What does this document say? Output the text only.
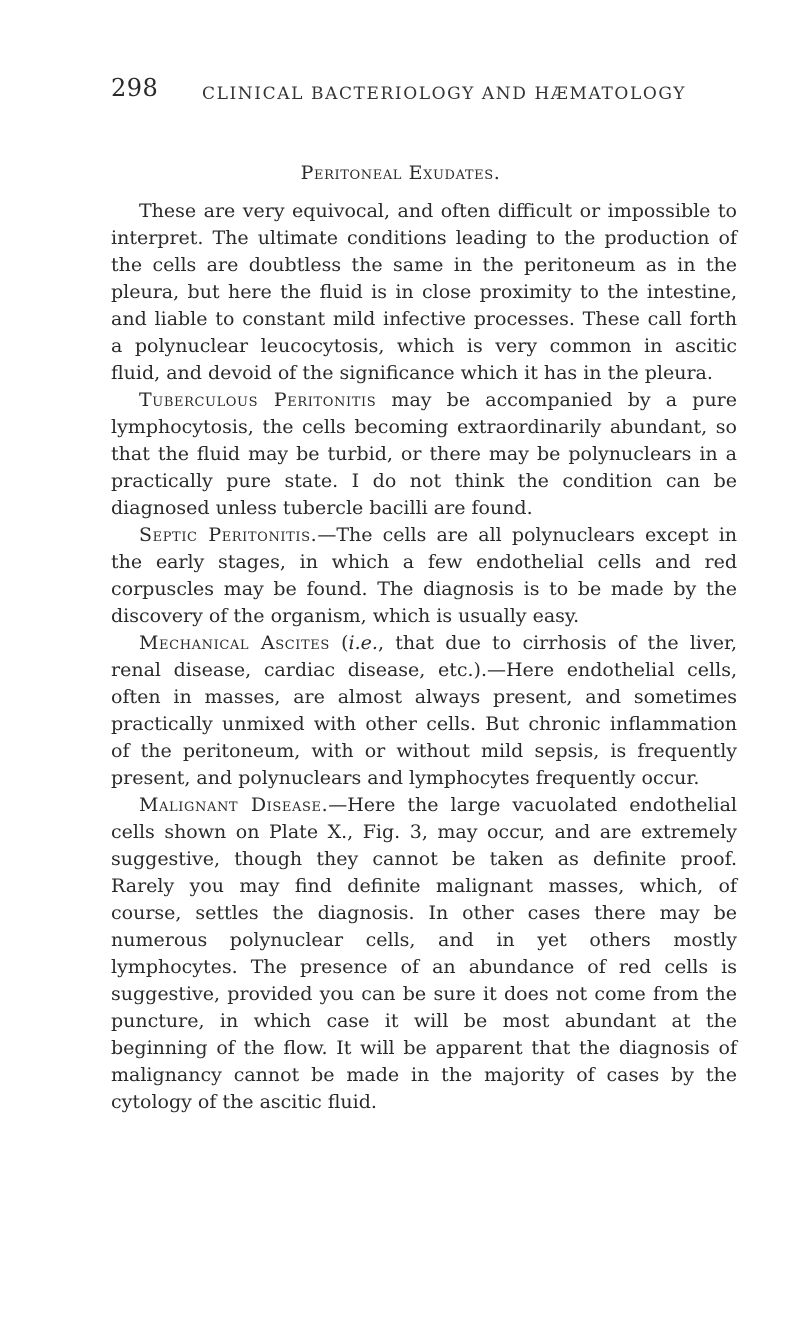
298	CLINICAL BACTERIOLOGY AND HÆMATOLOGY
Peritoneal Exudates.

These are very equivocal, and often difficult or impossible to interpret. The ultimate conditions leading to the production of the cells are doubtless the same in the peritoneum as in the pleura, but here the fluid is in close proximity to the intestine, and liable to constant mild infective processes. These call forth a polynuclear leucocytosis, which is very common in ascitic fluid, and devoid of the significance which it has in the pleura.

Tuberculous Peritonitis may be accompanied by a pure lymphocytosis, the cells becoming extraordinarily abundant, so that the fluid may be turbid, or there may be polynuclears in a practically pure state. I do not think the condition can be diagnosed unless tubercle bacilli are found.

Septic Peritonitis.—The cells are all polynuclears except in the early stages, in which a few endothelial cells and red corpuscles may be found. The diagnosis is to be made by the discovery of the organism, which is usually easy.

Mechanical Ascites (i.e., that due to cirrhosis of the liver, renal disease, cardiac disease, etc.).—Here endothelial cells, often in masses, are almost always present, and sometimes practically unmixed with other cells. But chronic inflammation of the peritoneum, with or without mild sepsis, is frequently present, and polynuclears and lymphocytes frequently occur.

Malignant Disease.—Here the large vacuolated endothelial cells shown on Plate X., Fig. 3, may occur, and are extremely suggestive, though they cannot be taken as definite proof. Rarely you may find definite malignant masses, which, of course, settles the diagnosis. In other cases there may be numerous polynuclear cells, and in yet others mostly lymphocytes. The presence of an abundance of red cells is suggestive, provided you can be sure it does not come from the puncture, in which case it will be most abundant at the beginning of the flow. It will be apparent that the diagnosis of malignancy cannot be made in the majority of cases by the cytology of the ascitic fluid.
